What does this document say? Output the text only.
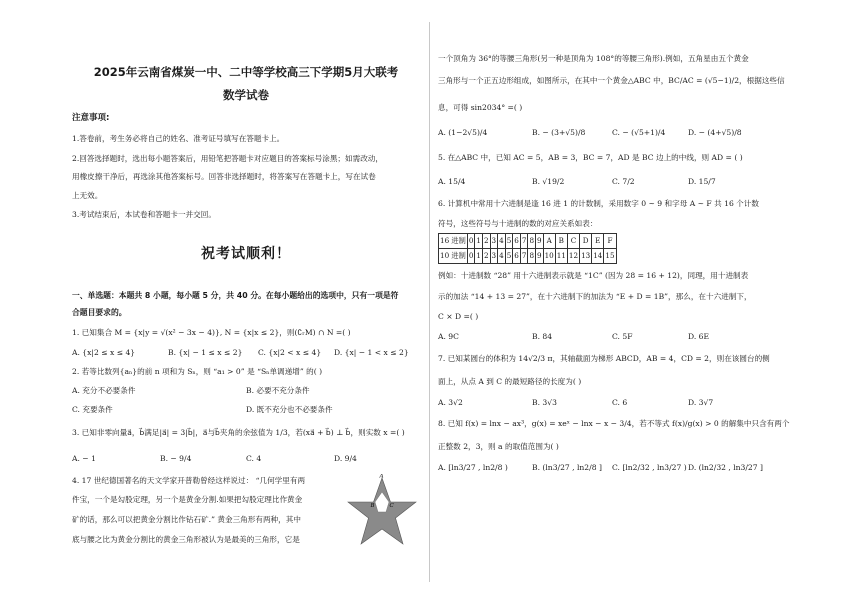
2025年云南省煤炭一中、二中等学校高三下学期5月大联考
数学试卷
注意事项:
1.答卷前，考生务必将自己的姓名、准考证号填写在答题卡上。
2.回答选择题时，选出每小题答案后，用铅笔把答题卡对应题目的答案标号涂黑；如需改动，
用橡皮擦干净后，再选涂其他答案标号。回答非选择题时，将答案写在答题卡上，写在试卷
上无效。
3.考试结束后，本试卷和答题卡一并交回。
祝考试顺利！
一、单选题：本题共 8 小题，每小题 5 分，共 40 分。在每小题给出的选项中，只有一项是符
合题目要求的。
1. 已知集合 M = {x|y = √(x² − 3x − 4)}, N = {x|x ≤ 2}，则(∁ᵣM) ∩ N =( )
A. {x|2 ≤ x ≤ 4}	B. {x| − 1 ≤ x ≤ 2} C. {x|2 < x ≤ 4} D. {x| − 1 < x ≤ 2}
2. 若等比数列{aₙ}的前 n 项和为 Sₙ，则 “a₁ > 0” 是 “Sₙ单调递增” 的( )
A. 充分不必要条件	B. 必要不充分条件
C. 充要条件	D. 既不充分也不必要条件
3. 已知非零向量a⃗，b⃗满足|a⃗| = 3|b⃗|，a⃗与b⃗夹角的余弦值为 1/3，若(xa⃗ + b⃗) ⊥ b⃗，则实数 x =( )
A. − 1	B. − 9/4	C. 4	D. 9/4
4. 17 世纪德国著名的天文学家开普勒曾经这样说过： “几何学里有两
件宝，一个是勾股定理，另一个是黄金分割.如果把勾股定理比作黄金
矿的话，那么可以把黄金分割比作钻石矿.” 黄金三角形有两种，其中
底与腰之比为黄金分割比的黄金三角形被认为是最美的三角形，它是
A
B	C
一个顶角为 36°的等腰三角形(另一种是顶角为 108°的等腰三角形).例如，五角星由五个黄金
三角形与一个正五边形组成，如图所示，在其中一个黄金△ABC 中，BC/AC = (√5−1)/2，根据这些信
息，可得 sin2034° =( )
A. (1−2√5)/4	B. − (3+√5)/8	C. − (√5+1)/4	D. − (4+√5)/8
5. 在△ABC 中，已知 AC = 5，AB = 3，BC = 7，AD 是 BC 边上的中线，则 AD = ( )
A. 15/4	B. √19/2	C. 7/2	D. 15/7
6. 计算机中常用十六进制是逢 16 进 1 的计数制，采用数字 0 ~ 9 和字母 A ~ F 共 16 个计数
符号，这些符号与十进制的数的对应关系如表：
16 进制	0	1	2	3	4	5	6	7	8	9	A	B	C	D	E	F
10 进制	0	1	2	3	4	5	6	7	8	9	10	11	12	13	14	15
例如：十进制数 “28” 用十六进制表示就是 “1C” (因为 28 = 16 + 12)，同理，用十进制表
示的加法 “14 + 13 = 27”，在十六进制下的加法为 “E + D = 1B”，那么，在十六进制下，
C × D =( )
A. 9C	B. 84	C. 5F	D. 6E
7. 已知某圆台的体积为 14√2/3 π，其轴截面为梯形 ABCD，AB = 4，CD = 2，则在该圆台的侧
面上，从点 A 到 C 的最短路径的长度为( )
A. 3√2	B. 3√3	C. 6	D. 3√7
8. 已知 f(x) = lnx − ax³，g(x) = xeˣ − lnx − x − 3/4，若不等式 f(x)/g(x) > 0 的解集中只含有两个
正整数 2，3，则 a 的取值范围为( )
A. [ln3/27 , ln2/8 )	B. (ln3/27 , ln2/8 ] C. [ln2/32 , ln3/27 ) D. (ln2/32 , ln3/27 ]
